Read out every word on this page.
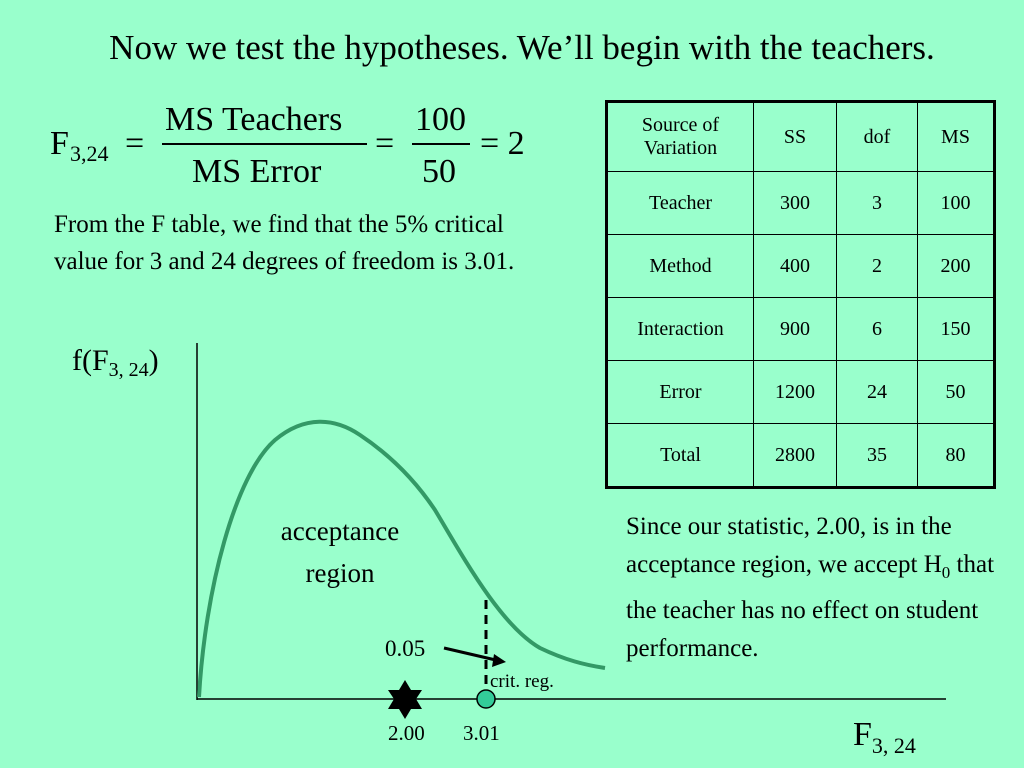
Now we test the hypotheses. We’ll begin with the teachers.
F 3,24 =
MS Teachers
MS Error
=
100
50
= 2
From the F table, we find that the 5% critical value for 3 and 24 degrees of freedom is 3.01.
Source of Variation	SS	dof	MS
Teacher	300	3	100
Method	400	2	200
Interaction	900	6	150
Error	1200	24	50
Total	2800	35	80
$f(F_{3, 24})$
acceptance
region
0.05
crit. reg.
2.00 3.01	$F_{3, 24}$
Since our statistic, 2.00, is in the acceptance region, we accept $H_0$ that the teacher has no effect on student performance.
